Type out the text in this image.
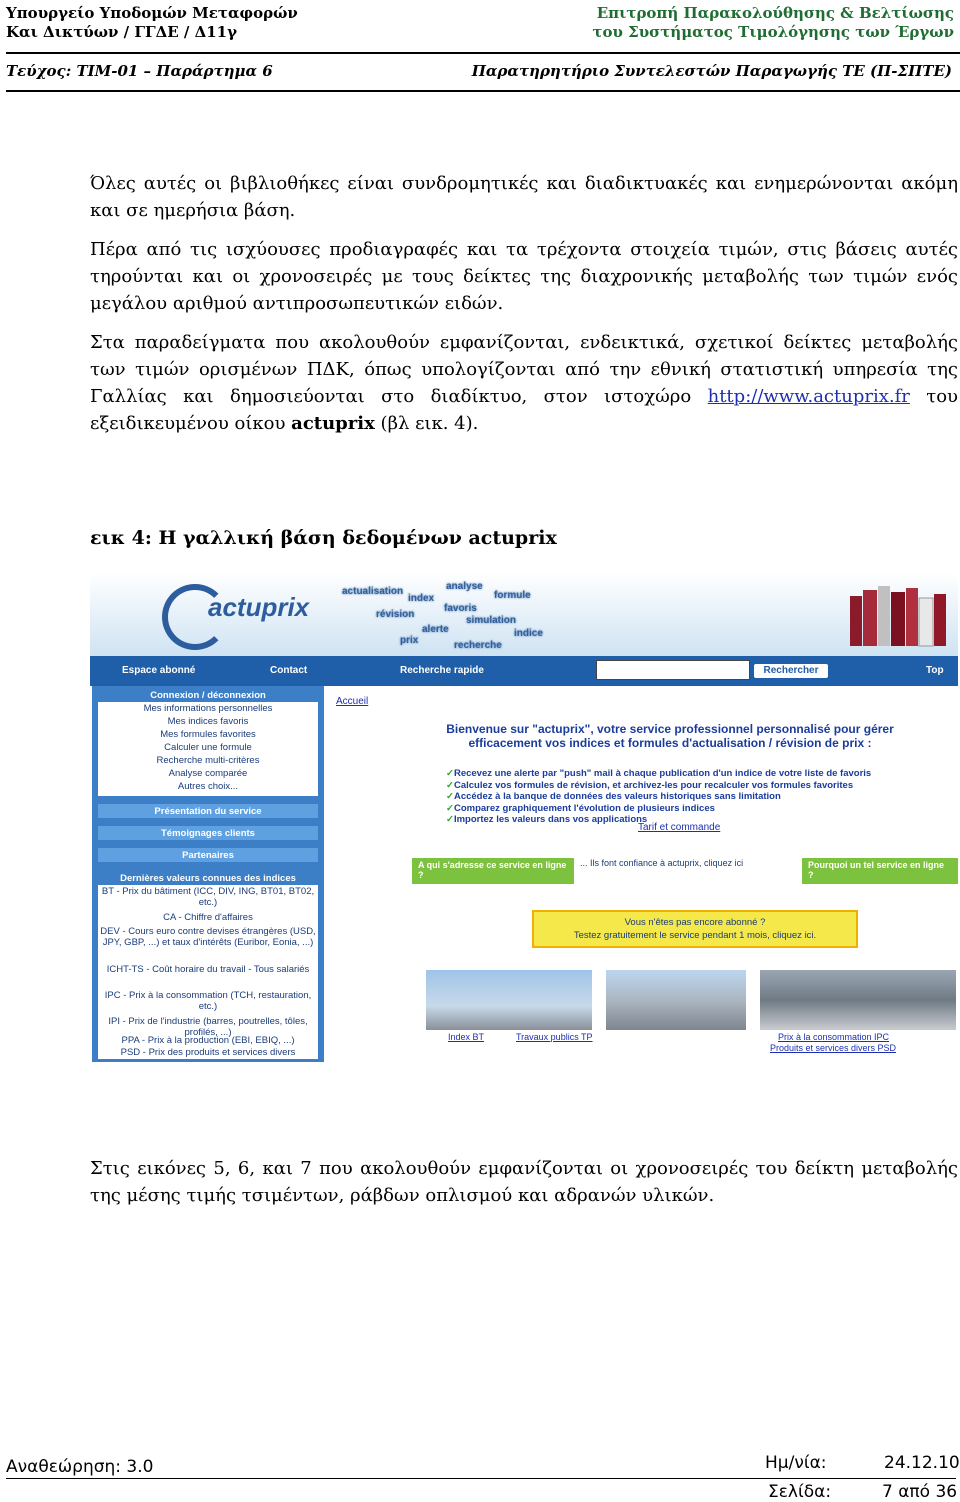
Υπουργείο Υποδομών Μεταφορών
Και Δικτύων / ΓΓΔΕ / Δ11γ
Επιτροπή Παρακολούθησης & Βελτίωσης
του Συστήματος Τιμολόγησης των Έργων
Τεύχος: ΤΙΜ-01 – Παράρτημα 6	Παρατηρητήριο Συντελεστών Παραγωγής ΤΕ (Π-ΣΠΤΕ)
Όλες αυτές οι βιβλιοθήκες είναι συνδρομητικές και διαδικτυακές και ενημερώνονται ακόμη και σε ημερήσια βάση.
Πέρα από τις ισχύουσες προδιαγραφές και τα τρέχοντα στοιχεία τιμών, στις βάσεις αυτές τηρούνται και οι χρονοσειρές με τους δείκτες της διαχρονικής μεταβολής των τιμών ενός μεγάλου αριθμού αντιπροσωπευτικών ειδών.
Στα παραδείγματα που ακολουθούν εμφανίζονται, ενδεικτικά, σχετικοί δείκτες μεταβολής των τιμών ορισμένων ΠΔΚ, όπως υπολογίζονται από την εθνική στατιστική υπηρεσία της Γαλλίας και δημοσιεύονται στο διαδίκτυο, στον ιστοχώρο http://www.actuprix.fr του εξειδικευμένου οίκου actuprix (βλ εικ. 4).
εικ 4: Η γαλλική βάση δεδομένων actuprix
actuprix
actualisation	analyse
index	formule
révision
favoris
simulation
alerte
prix
indice
recherche
Espace abonné	Contact	Recherche rapide	Rechercher	Top
Connexion / déconnexion
Mes informations personnelles
Mes indices favoris
Mes formules favorites
Calculer une formule
Recherche multi-critères
Analyse comparée
Autres choix...
Présentation du service
Témoignages clients
Partenaires
Dernières valeurs connues des indices
BT - Prix du bâtiment (ICC, DIV, ING, BT01, BT02, etc.)
CA - Chiffre d'affaires
DEV - Cours euro contre devises étrangères (USD, JPY, GBP, ...) et taux d'intérêts (Euribor, Eonia, ...)
ICHT-TS - Coût horaire du travail - Tous salariés
IPC - Prix à la consommation (TCH, restauration, etc.)
IPI - Prix de l'industrie (barres, poutrelles, tôles, profilés, ...)
PPA - Prix à la production (EBI, EBIQ, ...)
PSD - Prix des produits et services divers
Accueil
Bienvenue sur "actuprix", votre service professionnel personnalisé pour gérer efficacement vos indices et formules d'actualisation / révision de prix :
✓ Recevez une alerte par "push" mail à chaque publication d'un indice de votre liste de favoris
✓ Calculez vos formules de révision, et archivez-les pour recalculer vos formules favorites
✓ Accédez à la banque de données des valeurs historiques sans limitation
✓ Comparez graphiquement l'évolution de plusieurs indices
✓ Importez les valeurs dans vos applications
Tarif et commande
A qui s'adresse ce service en ligne ?
... Ils font confiance à actuprix, cliquez ici	Pourquoi un tel service en ligne ?
Vous n'êtes pas encore abonné ?
Testez gratuitement le service pendant 1 mois, cliquez ici.
Index BT	Travaux publics TP	Prix à la consommation IPC
Produits et services divers PSD
Στις εικόνες 5, 6, και 7 που ακολουθούν εμφανίζονται οι χρονοσειρές του δείκτη μεταβολής της μέσης τιμής τσιμέντων, ράβδων οπλισμού και αδρανών υλικών.
Αναθεώρηση: 3.0	Ημ/νία:	24.12.10
Σελίδα:	7 από 36
